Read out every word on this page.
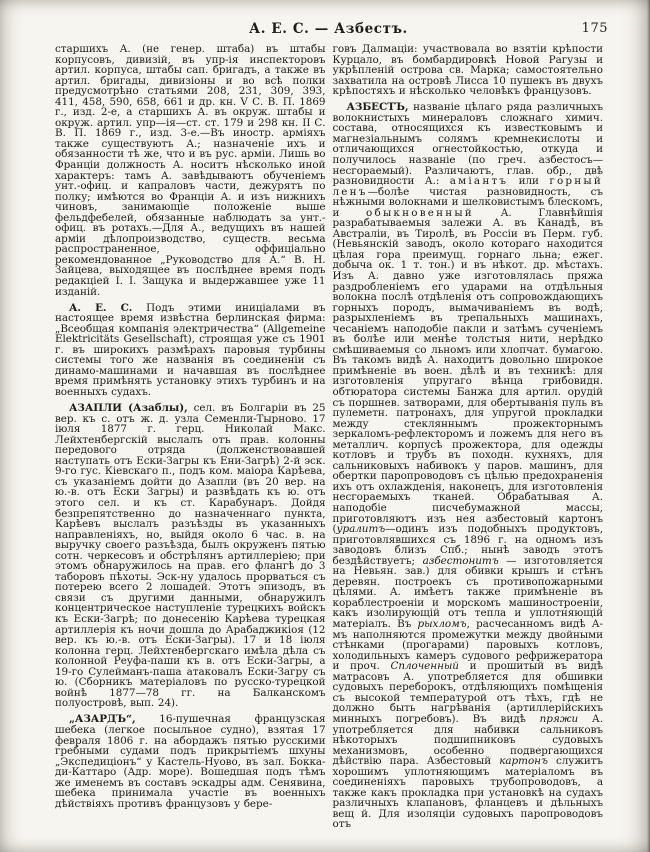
А. Е. С. — Азбестъ.	175

старшихъ А. (не генер. штаба) въ штабы корпусовъ, дивизій, въ упр-ія инспекторовъ артил. корпуса, штабы сап. бригадъ, а также въ артил. бригады, дивизіоны и во всѣ полки предусмотрѣно статьями 208, 231, 309, 393, 411, 458, 590, 658, 661 и др. кн. V С. В. П. 1869 г., изд. 2-е, а старшихъ А. въ окруж. штабы и окруж. артил. упр—ія—ст. ст. 179 и 298 кн. II С. В. П. 1869 г., изд. 3-е.—Въ иностр. арміяхъ также существуютъ А.; назначеніе ихъ и обязанности тѣ же, что и въ рус. арміи. Лишь во Франціи должность А. носитъ нѣсколько иной характеръ: тамъ А. завѣдываютъ обученіемъ унт.-офиц. и капраловъ части, дежурятъ по полку; имѣются во Франціи А. и изъ нижнихъ чиновъ, занимающіе положеніе выше фельдфебелей, обязанные наблюдать за унт.-офиц. въ ротахъ.—Для А., ведущихъ въ нашей арміи дѣлопроизводство, существ. весьма распространенное, оффиціально рекомендованное „Руководство для А.“ В. Н. Зайцева, выходящее въ послѣднее время подъ редакціей І. І. Защука и выдержавшее уже 11 изданій.

А. Е. С. Подъ этими иниціалами въ настоящее время извѣстна берлинская фирма: „Всеобщая компанія электричества“ (Allgemeine Elektricitäts Gesellschaft), строящая уже съ 1901 г. въ широкихъ размѣрахъ паровыя турбины системы того же названія въ соединеніи съ динамо-машинами и начавшая въ послѣднее время примѣнять установку этихъ турбинъ и на военныхъ судахъ.

АЗАПЛИ (Азаблы), сел. въ Болгаріи въ 25 вер. къ с. отъ ж. д. узла Семенли-Тырново. 17 іюля 1877 г. герц. Николай Макс. Лейхтенбергскій выслалъ отъ прав. колонны передового отряда (долженствовавшей наступать отъ Ески-Загры къ Ени-Загрѣ) 2-й эск. 9-го гус. Кіевскаго п., подъ ком. маіора Карѣева, съ указаніемъ дойти до Азапли (въ 20 вер. на ю.-в. отъ Ески Загры) и развѣдать къ ю. отъ этого сел. и къ ст. Карабунаръ. Дойдя безпрепятственно до назначеннаго пункта, Карѣевъ выслалъ разъѣзды въ указанныхъ направленіяхъ, но, выйдя около 6 час. в. на выручку своего разъѣзда, былъ окруженъ пятью сотн. черкесовъ и обстрѣлянъ артиллеріею; при этомъ обнаружилось на прав. его флангѣ до 3 таборовъ пѣхоты. Эск-ну удалось прорваться съ потерею всего 2 лошадей. Этотъ эпизодъ, въ связи съ другими данными, обнаружилъ концентрическое наступленіе турецкихъ войскъ къ Ески-Загрѣ; по донесенію Карѣева турецкая артиллерія къ ночи дошла до Арабаджикіоя (12 вер. къ ю.-в. отъ Ески-Загры). 17 и 18 іюля колонна герц. Лейхтенбергскаго имѣла дѣла съ колонной Реуфа-паши къ в. отъ Ески-Загры, а 19-го Сулейманъ-паша атаковалъ Ески-Загру съ ю. (Сборникъ матеріаловъ по русско-турецкой войнѣ 1877—78 гг. на Балканскомъ полуостровѣ, вып. 24).

„АЗАРДЪ“, 16-пушечная французская шебека (легкое посыльное судно), взятая 17 февраля 1806 г. на абордажъ пятью русскими гребными судами подъ прикрытіемъ шхуны „Экспедиціонъ“ у Кастель-Нуово, въ зал. Бокка-ди-Каттаро (Адр. море). Вошедшая подъ тѣмъ же именемъ въ составъ эскадры адм. Сенявина, шебека принимала участіе въ военныхъ дѣйствіяхъ противъ французовъ у бере-

говъ Далмаціи: участвовала во взятіи крѣпости Курцало, въ бомбардировкѣ Новой Рагузы и укрѣпленій острова св. Марка; самостоятельно захватила на островѣ Лисса 10 пушекъ въ двухъ крѣпостяхъ и нѣсколько человѣкъ французовъ.

АЗБЕСТЪ, названіе цѣлаго ряда различныхъ волокнистыхъ минераловъ сложнаго химич. состава, относящихся къ известковымъ и магнезіальнымъ солямъ кремнекислоты и отличающихся огнестойкостью, откуда и получилось названіе (по греч. азбестосъ—несгораемый). Различаютъ, глав. обр., двѣ разновидности А.: аміантъ или горный ленъ—болѣе чистая разновидность, съ нѣжными волокнами и шелковистымъ блескомъ, и обыкновенный А. Главнѣйшія разрабатываемыя залежи А. въ Канадѣ, въ Австраліи, въ Тиролѣ, въ Россіи въ Перм. губ. (Невьянскій заводъ, около котораго находится цѣлая гора преимущ. горнаго льна; ежег. добыча ок. 1 т. тон.) и въ нѣкот. др. мѣстахъ. Изъ А. давно уже изготовлялась пряжа раздробленіемъ его ударами на отдѣльныя волокна послѣ отдѣленія отъ сопровождающихъ горныхъ породъ, вымачиваніемъ въ водѣ, разрыхленіемъ въ трепальныхъ машинахъ, чесаніемъ наподобіе пакли и затѣмъ сученіемъ въ болѣе или менѣе толстыя нити, нерѣдко смѣшиваемыя со льномъ или хлопчат. бумагою. Въ такомъ видѣ А. находитъ довольно широкое примѣненіе въ воен. дѣлѣ и въ техникѣ: для изготовленія упругаго вѣнца грибовидн. обтюратора системы Банжа для артил. орудій съ поршнев. затворами, для обертыванія пуль въ пулеметн. патронахъ, для упругой прокладки между стекляннымъ прожекторнымъ зеркаломъ-рефлекторомъ и ложемъ для него въ металлич. корпусѣ прожектора, для одежды котловъ и трубъ въ походн. кухняхъ, для сальниковыхъ набивокъ у паров. машинъ, для обертки паропроводовъ съ цѣлью предохраненія ихъ отъ охлажденія, наконецъ, для изготовленія несгораемыхъ тканей. Обрабатывая А. наподобіе писчебумажной массы, приготовляютъ изъ нея азбестовый картонъ (уралитъ—одинъ изъ подобныхъ продуктовъ, приготовлявшихся съ 1896 г. на одномъ изъ заводовъ близъ Спб.; нынѣ заводъ этотъ бездѣйствуетъ; азбестонитъ — изготовляется на Невьян. зав.) для обивки крышъ и стѣнъ деревян. построекъ съ противопожарными цѣлями. А. имѣетъ также примѣненіе въ кораблестроеніи и морскомъ машиностроеніи, какъ изолирующій отъ тепла и уплотняющій матеріалъ. Въ рыхломъ, расчесанномъ видѣ А-мъ наполняются промежутки между двойными стѣнками (прогарами) паровыхъ котловъ, холодильныхъ камеръ судового рефрижератора и проч. Сплоченный и прошитый въ видѣ матрасовъ А. употребляется для обшивки судовыхъ переборокъ, отдѣляющихъ помѣщенія съ высокой температурой отъ тѣхъ, гдѣ не должно быть нагрѣванія (артиллерійскихъ минныхъ погребовъ). Въ видѣ пряжи А. употребляется для набивки сальниковъ нѣкоторыхъ подшипниковъ судовыхъ механизмовъ, особенно подвергающихся дѣйствію пара. Азбестовый картонъ служитъ хорошимъ уплотняющимъ матеріаломъ въ соединеніяхъ паровыхъ трубопроводовъ, а также какъ прокладка при установкѣ на судахъ различныхъ клапановъ, фланцевъ и дѣльныхъ вещ й. Для изоляціи судовыхъ паропроводовъ отъ
